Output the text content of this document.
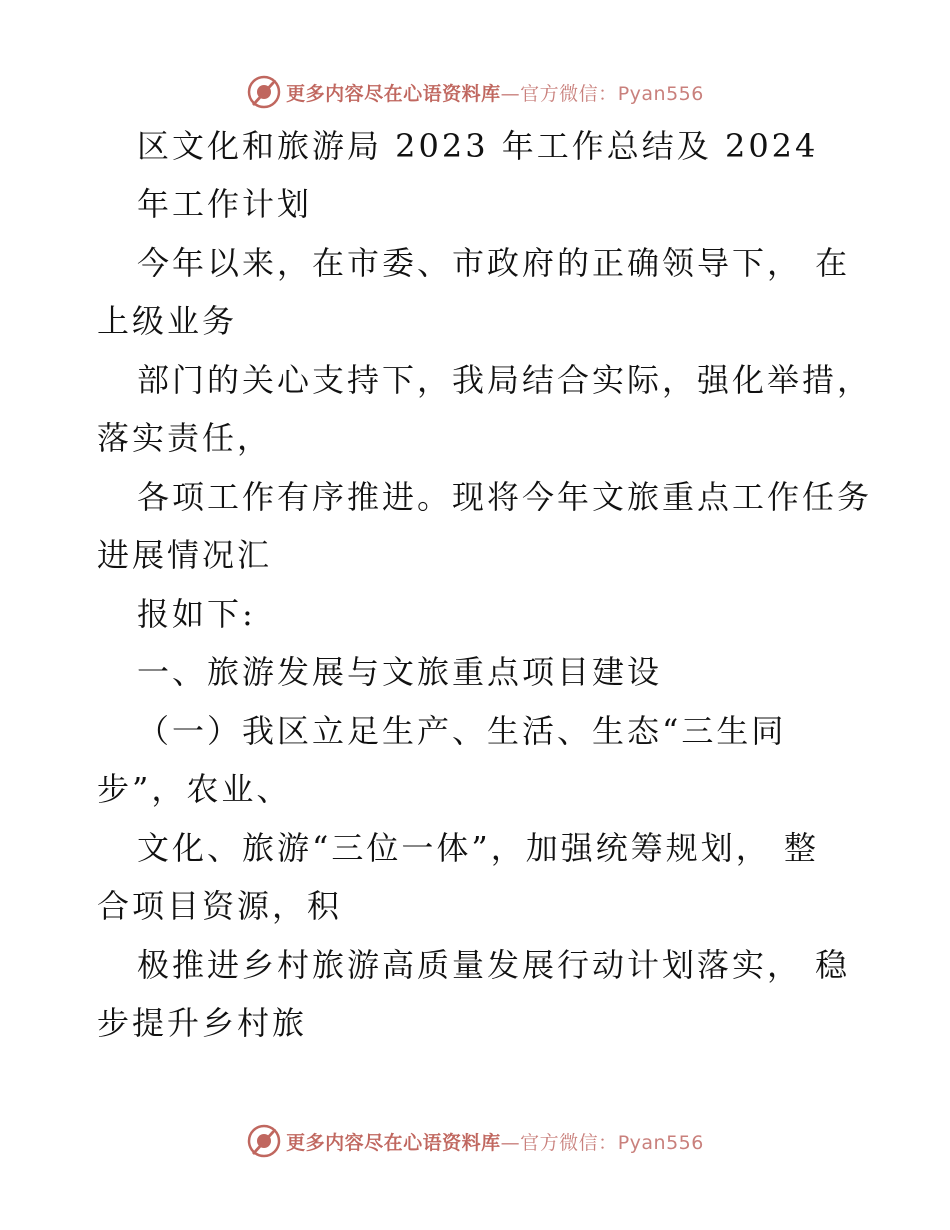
更多内容尽在心语资料库—官方微信：Pyan556
区文化和旅游局 2023 年工作总结及 2024
年工作计划
今年以来，在市委、市政府的正确领导下， 在
上级业务
部门的关心支持下，我局结合实际，强化举措，
落实责任，
各项工作有序推进。现将今年文旅重点工作任务
进展情况汇
报如下:
一、旅游发展与文旅重点项目建设
（一）我区立足生产、生活、生态“三生同
步”，农业、
文化、旅游“三位一体”，加强统筹规划， 整
合项目资源，积
极推进乡村旅游高质量发展行动计划落实， 稳
步提升乡村旅
更多内容尽在心语资料库—官方微信：Pyan556
